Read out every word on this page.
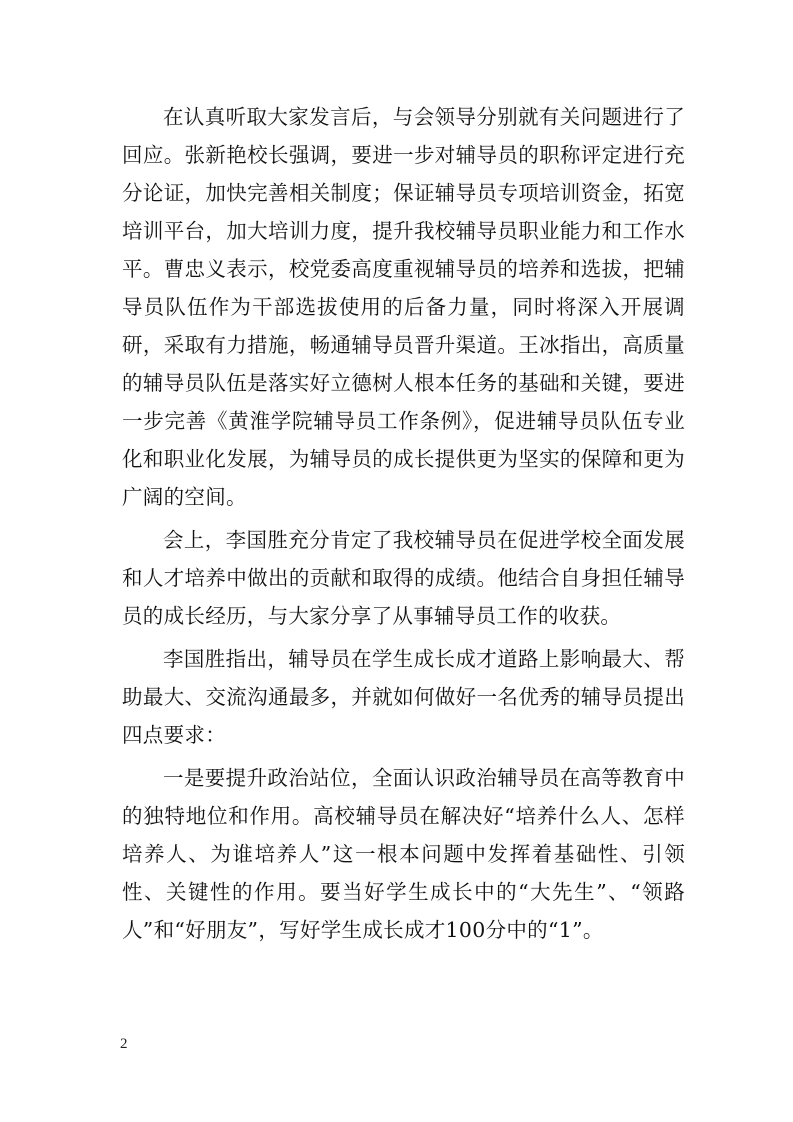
在认真听取大家发言后，与会领导分别就有关问题进行了回应。张新艳校长强调，要进一步对辅导员的职称评定进行充分论证，加快完善相关制度；保证辅导员专项培训资金，拓宽培训平台，加大培训力度，提升我校辅导员职业能力和工作水平。曹忠义表示，校党委高度重视辅导员的培养和选拔，把辅导员队伍作为干部选拔使用的后备力量，同时将深入开展调研，采取有力措施，畅通辅导员晋升渠道。王冰指出，高质量的辅导员队伍是落实好立德树人根本任务的基础和关键，要进一步完善《黄淮学院辅导员工作条例》，促进辅导员队伍专业化和职业化发展，为辅导员的成长提供更为坚实的保障和更为广阔的空间。

会上，李国胜充分肯定了我校辅导员在促进学校全面发展和人才培养中做出的贡献和取得的成绩。他结合自身担任辅导员的成长经历，与大家分享了从事辅导员工作的收获。

李国胜指出，辅导员在学生成长成才道路上影响最大、帮助最大、交流沟通最多，并就如何做好一名优秀的辅导员提出四点要求：

一是要提升政治站位，全面认识政治辅导员在高等教育中的独特地位和作用。高校辅导员在解决好“培养什么人、怎样培养人、为谁培养人”这一根本问题中发挥着基础性、引领性、关键性的作用。要当好学生成长中的“大先生”、“领路人”和“好朋友”，写好学生成长成才100分中的“1”。

2
